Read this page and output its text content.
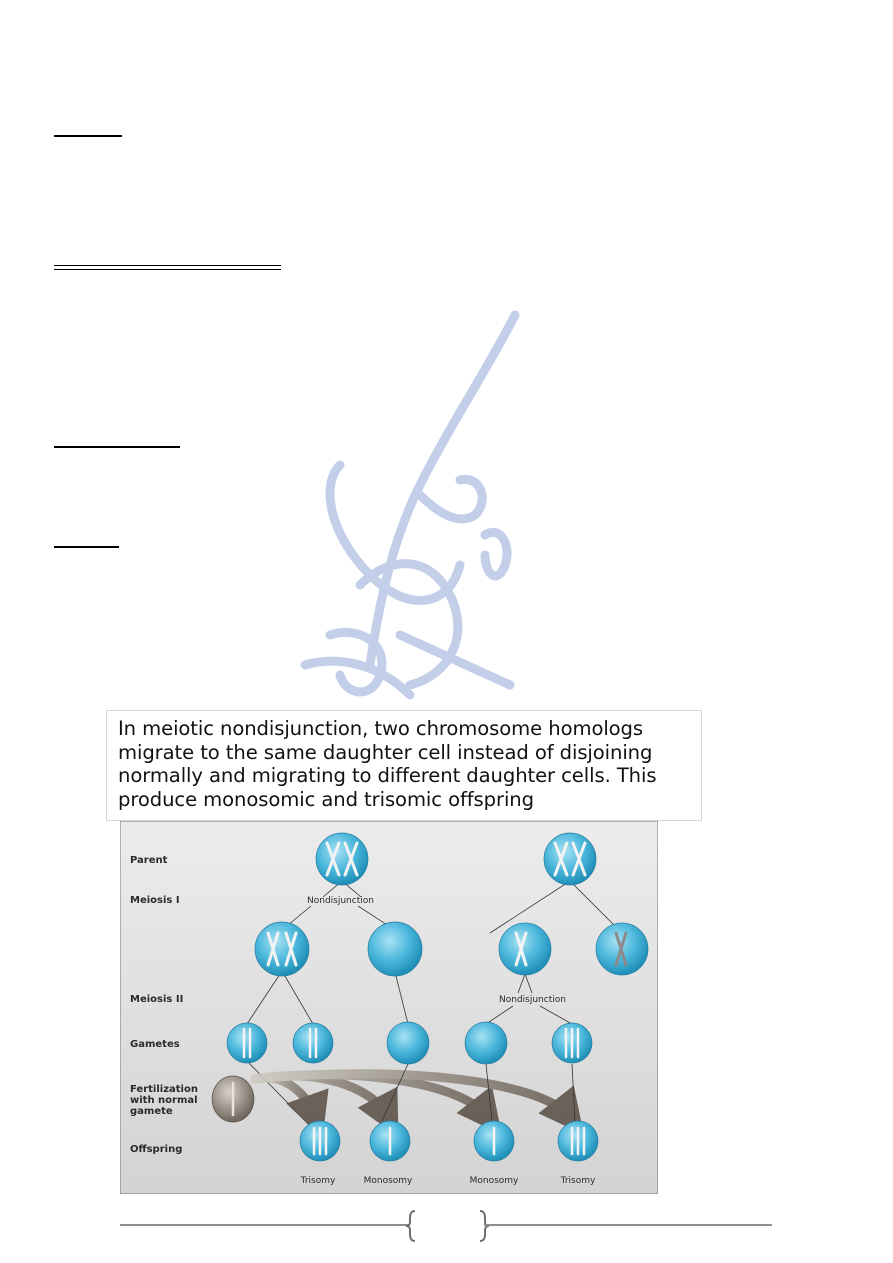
In meiotic nondisjunction, two chromosome homologs
migrate to the same daughter cell instead of disjoining
normally and migrating to different daughter cells. This
produce monosomic and trisomic offspring
Parent
Meiosis I
Meiosis II
Gametes
Fertilization
with normal
gamete
Offspring
Nondisjunction
Nondisjunction
Trisomy	Monosomy	Monosomy	Trisomy
